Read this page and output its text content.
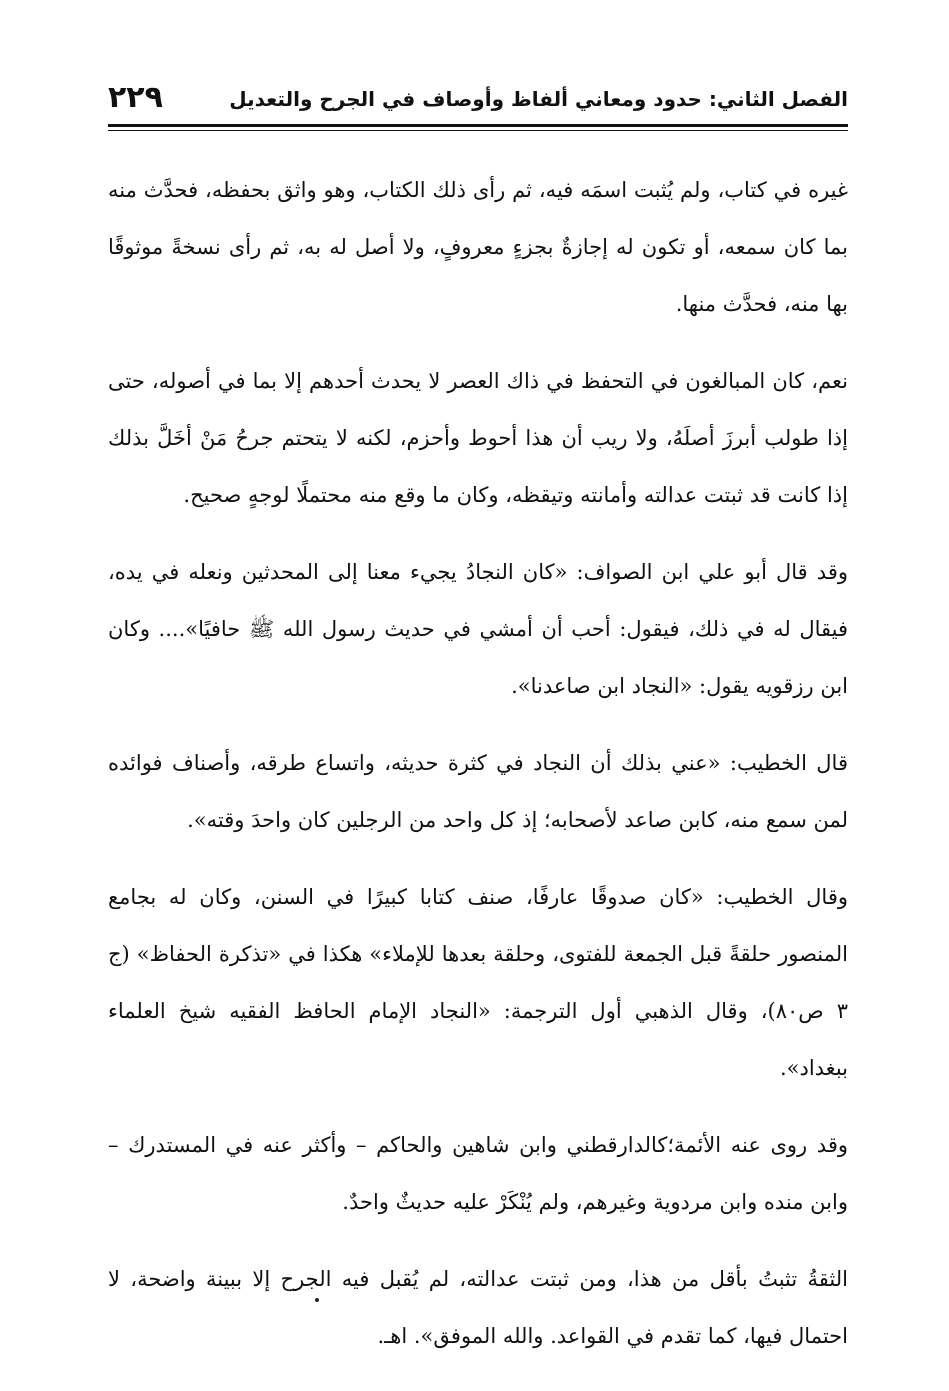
٢٢٩	الفصل الثاني: حدود ومعاني ألفاظ وأوصاف في الجرح والتعديل

غيره في كتاب، ولم يُثبت اسمَه فيه، ثم رأى ذلك الكتاب، وهو واثق بحفظه، فحدَّث منه بما كان سمعه، أو تكون له إجازةٌ بجزءٍ معروفٍ، ولا أصل له به، ثم رأى نسخةً موثوقًا بها منه، فحدَّث منها.

نعم، كان المبالغون في التحفظ في ذاك العصر لا يحدث أحدهم إلا بما في أصوله، حتى إذا طولب أبرزَ أصلَهُ، ولا ريب أن هذا أحوط وأحزم، لكنه لا يتحتم جرحُ مَنْ أخَلَّ بذلك إذا كانت قد ثبتت عدالته وأمانته وتيقظه، وكان ما وقع منه محتملًا لوجهٍ صحيح.

وقد قال أبو علي ابن الصواف: «كان النجادُ يجيء معنا إلى المحدثين ونعله في يده، فيقال له في ذلك، فيقول: أحب أن أمشي في حديث رسول الله ﷺ حافيًا».... وكان ابن رزقويه يقول: «النجاد ابن صاعدنا».

قال الخطيب: «عني بذلك أن النجاد في كثرة حديثه، واتساع طرقه، وأصناف فوائده لمن سمع منه، كابن صاعد لأصحابه؛ إذ كل واحد من الرجلين كان واحدَ وقته».

وقال الخطيب: «كان صدوقًا عارفًا، صنف كتابا كبيرًا في السنن، وكان له بجامع المنصور حلقةً قبل الجمعة للفتوى، وحلقة بعدها للإملاء» هكذا في «تذكرة الحفاظ» (ج ٣ ص٨٠)، وقال الذهبي أول الترجمة: «النجاد الإمام الحافظ الفقيه شيخ العلماء ببغداد».

وقد روى عنه الأئمة؛كالدارقطني وابن شاهين والحاكم – وأكثر عنه في المستدرك – وابن منده وابن مردوية وغيرهم، ولم يُنْكَرْ عليه حديثٌ واحدٌ.

الثقةُ تثبتُ بأقل من هذا، ومن ثبتت عدالته، لم يُقبل فيه الجرح إلا ببينة واضحة، لا احتمال فيها، كما تقدم في القواعد. والله الموفق». اهـ.
